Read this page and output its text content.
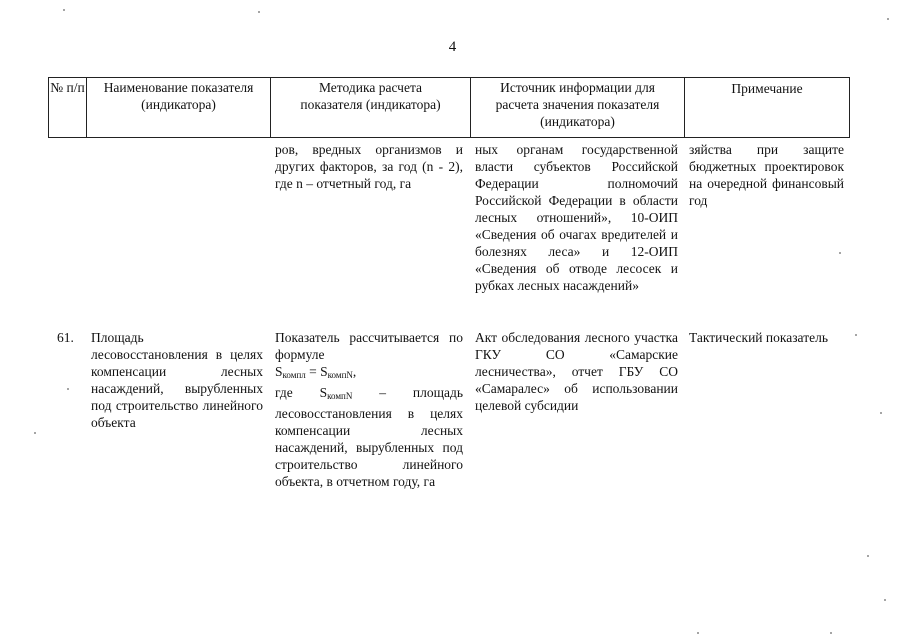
4
№ п/п	Наименование показателя (индикатора)
Методика расчета показателя (индикатора)
Источник информации для расчета значения показателя (индикатора)
Примечание
ров, вредных организмов и других факторов, за год (n - 2), где n – отчетный год, га
ных органам государственной власти субъектов Российской Федерации полномочий Российской Федерации в области лесных отношений», 10-ОИП «Сведения об очагах вредителей и болезнях леса» и 12-ОИП «Сведения об отводе лесосек и рубках лесных насаждений»
зяйства при защите бюджетных проектировок на очередной финансовый год
61.	Площадь лесовосстановления в целях компенсации лесных насаждений, вырубленных под строительство линейного объекта

Показатель рассчитывается по формуле

$S_{компл} = S_{компN}$,

где $S_{компN}$ – площадь лесовосстановления в целях компенсации лесных насаждений, вырубленных под строительство линейного объекта, в отчетном году, га

Акт обследования лесного участка ГКУ СО «Самарские лесничества», отчет ГБУ СО «Самаралес» об использовании целевой субсидии
Тактический показатель
